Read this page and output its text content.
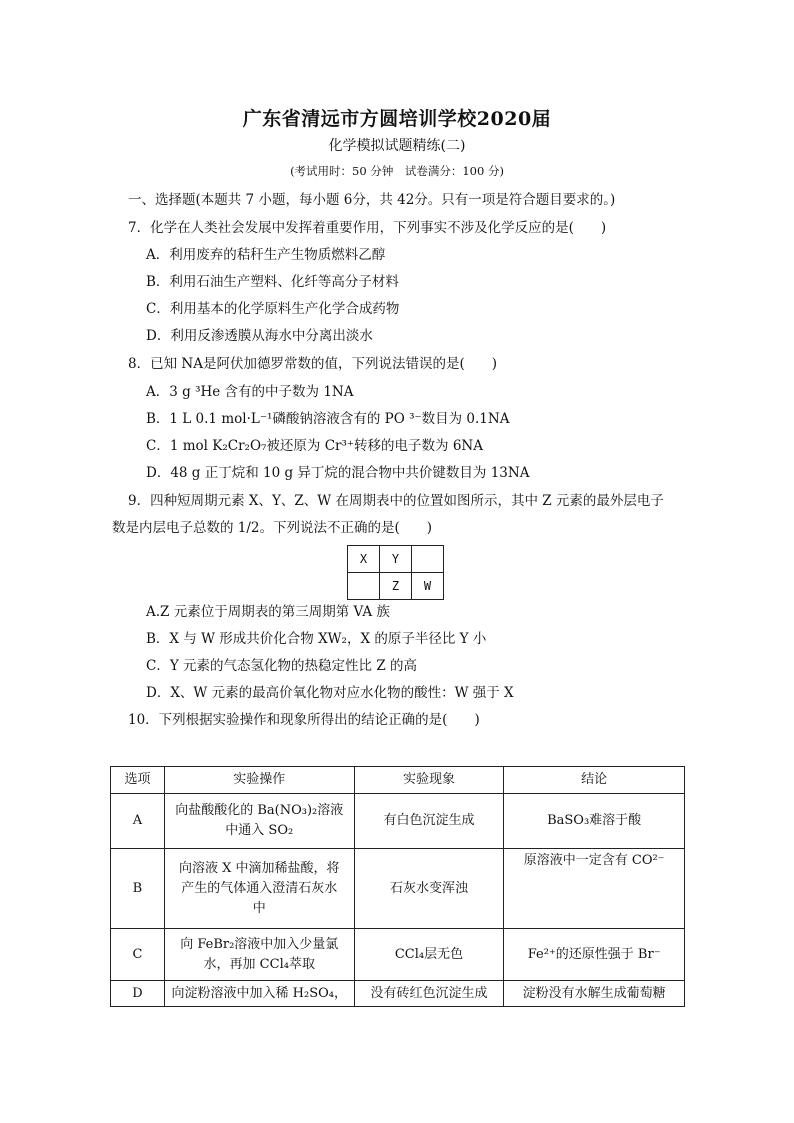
广东省清远市方圆培训学校2020届
化学模拟试题精练(二)
(考试用时：50 分钟　试卷满分：100 分)
一、选择题(本题共 7 小题，每小题 6分，共 42分。只有一项是符合题目要求的。)
7．化学在人类社会发展中发挥着重要作用，下列事实不涉及化学反应的是(　　)
A．利用废弃的秸秆生产生物质燃料乙醇
B．利用石油生产塑料、化纤等高分子材料
C．利用基本的化学原料生产化学合成药物
D．利用反渗透膜从海水中分离出淡水
8．已知 NA是阿伏加德罗常数的值，下列说法错误的是(　　)
A．3 g ³He 含有的中子数为 1NA
B．1 L 0.1 mol·L⁻¹磷酸钠溶液含有的 PO ³⁻数目为 0.1NA
C．1 mol K₂Cr₂O₇被还原为 Cr³⁺转移的电子数为 6NA
D．48 g 正丁烷和 10 g 异丁烷的混合物中共价键数目为 13NA
9．四种短周期元素 X、Y、Z、W 在周期表中的位置如图所示，其中 Z 元素的最外层电子
数是内层电子总数的 1/2。下列说法不正确的是(　　)
X	Y	
	Z	W
A.Z 元素位于周期表的第三周期第 VA 族
B．X 与 W 形成共价化合物 XW₂，X 的原子半径比 Y 小
C．Y 元素的气态氢化物的热稳定性比 Z 的高
D．X、W 元素的最高价氧化物对应水化物的酸性：W 强于 X
10．下列根据实验操作和现象所得出的结论正确的是(　　)
选项	实验操作	实验现象	结论
A	向盐酸酸化的 Ba(NO₃)₂溶液
中通入 SO₂	有白色沉淀生成	BaSO₃难溶于酸
B	向溶液 X 中滴加稀盐酸，将
产生的气体通入澄清石灰水
中	石灰水变浑浊	原溶液中一定含有 CO²⁻
C	向 FeBr₂溶液中加入少量氯
水，再加 CCl₄萃取	CCl₄层无色	Fe²⁺的还原性强于 Br⁻
D	向淀粉溶液中加入稀 H₂SO₄，	没有砖红色沉淀生成	淀粉没有水解生成葡萄糖
